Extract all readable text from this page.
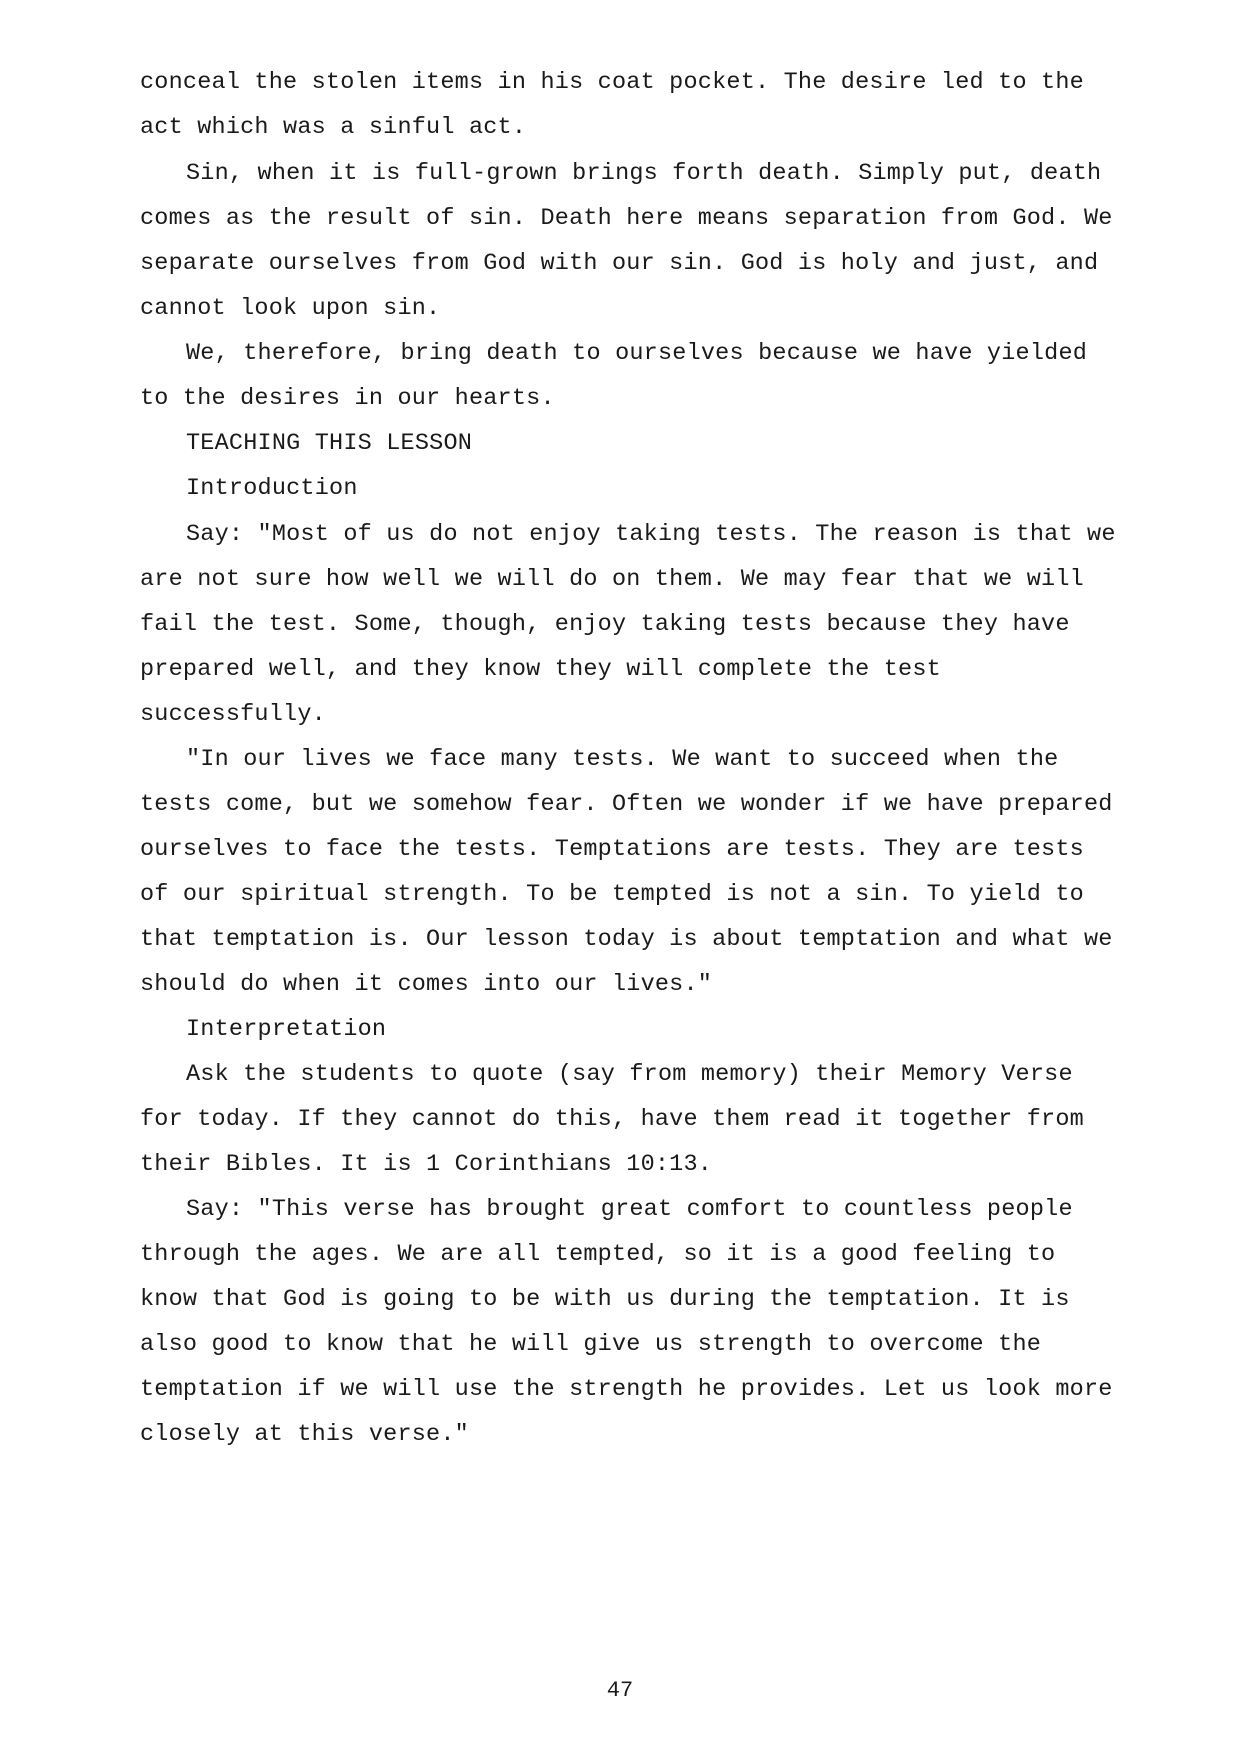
conceal the stolen items in his coat pocket. The desire led to the
act which was a sinful act.
Sin, when it is full-grown brings forth death. Simply put, death
comes as the result of sin. Death here means separation from God. We
separate ourselves from God with our sin. God is holy and just, and
cannot look upon sin.
We, therefore, bring death to ourselves because we have yielded
to the desires in our hearts.
TEACHING THIS LESSON
Introduction
Say: "Most of us do not enjoy taking tests. The reason is that we
are not sure how well we will do on them. We may fear that we will
fail the test. Some, though, enjoy taking tests because they have
prepared well, and they know they will complete the test
successfully.
"In our lives we face many tests. We want to succeed when the
tests come, but we somehow fear. Often we wonder if we have prepared
ourselves to face the tests. Temptations are tests. They are tests
of our spiritual strength. To be tempted is not a sin. To yield to
that temptation is. Our lesson today is about temptation and what we
should do when it comes into our lives."
Interpretation
Ask the students to quote (say from memory) their Memory Verse
for today. If they cannot do this, have them read it together from
their Bibles. It is 1 Corinthians 10:13.
Say: "This verse has brought great comfort to countless people
through the ages. We are all tempted, so it is a good feeling to
know that God is going to be with us during the temptation. It is
also good to know that he will give us strength to overcome the
temptation if we will use the strength he provides. Let us look more
closely at this verse."
47
